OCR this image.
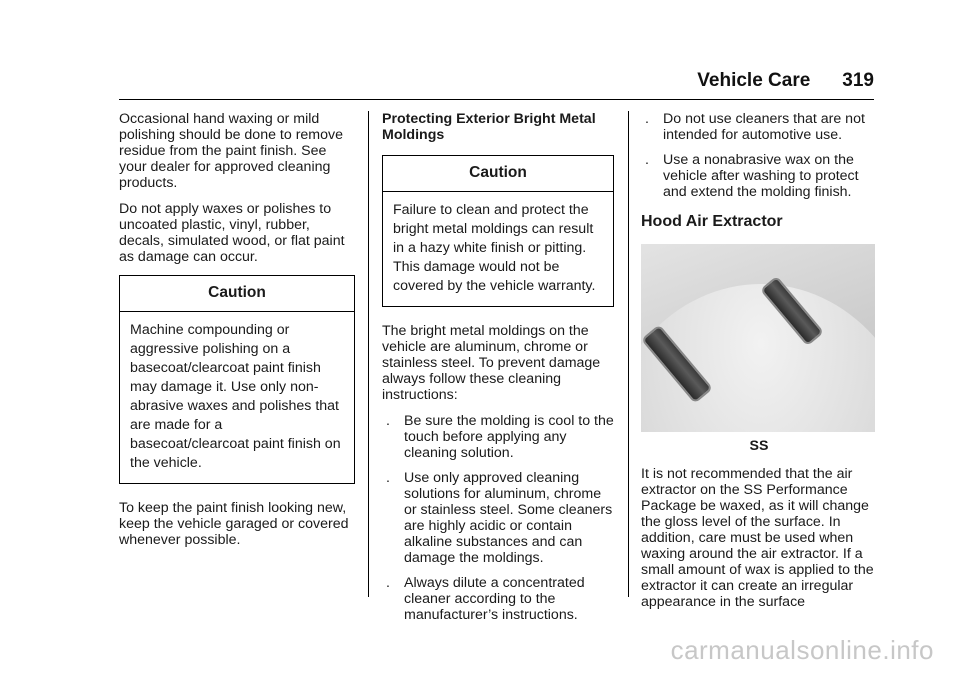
Vehicle Care 319

Occasional hand waxing or mild polishing should be done to remove residue from the paint finish. See your dealer for approved cleaning products.

Do not apply waxes or polishes to uncoated plastic, vinyl, rubber, decals, simulated wood, or flat paint as damage can occur.

Caution
Machine compounding or aggressive polishing on a basecoat/clearcoat paint finish may damage it. Use only non-abrasive waxes and polishes that are made for a basecoat/clearcoat paint finish on the vehicle.

To keep the paint finish looking new, keep the vehicle garaged or covered whenever possible.

Protecting Exterior Bright Metal Moldings
Caution
Failure to clean and protect the bright metal moldings can result in a hazy white finish or pitting. This damage would not be covered by the vehicle warranty.

The bright metal moldings on the vehicle are aluminum, chrome or stainless steel. To prevent damage always follow these cleaning instructions:

. Be sure the molding is cool to the touch before applying any cleaning solution.
. Use only approved cleaning solutions for aluminum, chrome or stainless steel. Some cleaners are highly acidic or contain alkaline substances and can damage the moldings.
. Always dilute a concentrated cleaner according to the manufacturer’s instructions.
. Do not use cleaners that are not intended for automotive use.
. Use a nonabrasive wax on the vehicle after washing to protect and extend the molding finish.
Hood Air Extractor
SS

It is not recommended that the air extractor on the SS Performance Package be waxed, as it will change the gloss level of the surface. In addition, care must be used when waxing around the air extractor. If a small amount of wax is applied to the extractor it can create an irregular appearance in the surface

carmanualsonline.info
